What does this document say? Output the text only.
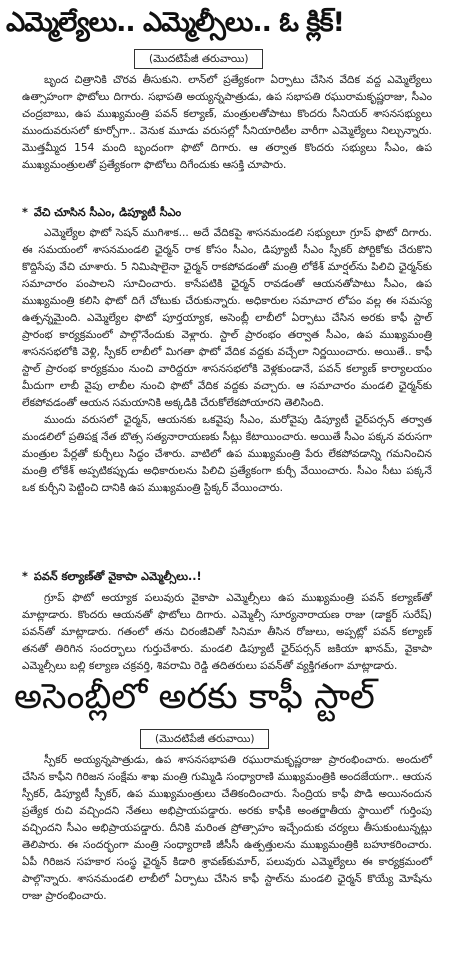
ఎమ్మెల్యేలు.. ఎమ్మెల్సీలు.. ఓ క్లిక్!
(మొదటిపేజీ తరువాయి)

బృంద చిత్రానికి చొరవ తీసుకుని. లాన్‌లో ప్రత్యేకంగా ఏర్పాటు చేసిన వేదిక వద్ద ఎమ్మెల్యేలు ఉత్సాహంగా ఫొటోలు దిగారు. సభాపతి అయ్యన్నపాత్రుడు, ఉప సభాపతి రఘురామకృష్ణరాజు, సీఎం చంద్రబాబు, ఉప ముఖ్యమంత్రి పవన్ కల్యాణ్, మంత్రులతోపాటు కొందరు సీనియర్ శాసనసభ్యులు ముందువరుసలో కూర్చోగా.. వెనుక మూడు వరుసల్లో సీనియారిటీల వారీగా ఎమ్మెల్యేలు నిల్చున్నారు. మొత్తమ్మీద 154 మంది బృందంగా ఫొటో దిగారు. ఆ తర్వాత కొందరు సభ్యులు సీఎం, ఉప ముఖ్యమంత్రులతో ప్రత్యేకంగా ఫొటోలు దిగేందుకు ఆసక్తి చూపారు.

* వేచి చూసిన సీఎం, డిప్యూటీ సీఎం

ఎమ్మెల్యేల ఫొటో సెషన్ ముగిశాక... అదే వేదికపై శాసనమండలి సభ్యులూ గ్రూప్ ఫొటో దిగారు. ఈ సమయంలో శాసనమండలి ఛైర్మన్ రాక కోసం సీఎం, డిప్యూటీ సీఎం స్పీకర్ పోర్టికోకు చేరుకొని కొద్దిసేపు వేచి చూశారు. 5 నిమిషాలైనా ఛైర్మన్ రాకపోవడంతో మంత్రి లోకేశ్ మార్షల్‌ను పిలిచి ఛైర్మన్‌కు సమాచారం పంపాలని సూచించారు. కాసేపటికి ఛైర్మన్ రావడంతో ఆయనతోపాటు సీఎం, ఉప ముఖ్యమంత్రి కలిసి ఫొటో దిగే చోటుకు చేరుకున్నారు. అధికారుల సమాచార లోపం వల్ల ఈ సమస్య ఉత్పన్నమైంది. ఎమ్మెల్యేల ఫొటో పూర్తయ్యాక, అసెంబ్లీ లాబీలో ఏర్పాటు చేసిన అరకు కాఫీ స్టాల్ ప్రారంభ కార్యక్రమంలో పాల్గొనేందుకు వెళ్లారు. స్టాల్ ప్రారంభం తర్వాత సీఎం, ఉప ముఖ్యమంత్రి శాసనసభలోకి వెళ్లి, స్పీకర్ లాబీలో మిగతా ఫొటో వేదిక వద్దకు వచ్చేలా నిర్ణయించారు. అయితే.. కాఫీ స్టాల్ ప్రారంభ కార్యక్రమం నుంచి వారిద్దరూ శాసనసభలోకి వెళ్లకుండానే, పవన్ కల్యాణ్ కార్యాలయం మీదుగా లాబీ వైపు లాబీల నుంచి ఫొటో వేదిక వద్దకు వచ్చారు. ఆ సమాచారం మండలి ఛైర్మన్‌కు లేకపోవడంతో ఆయన సమయానికి అక్కడికి చేరుకోలేకపోయారని తెలిసింది.

ముందు వరుసలో ఛైర్మన్, ఆయనకు ఒకవైపు సీఎం, మరోవైపు డిప్యూటీ ఛైర్‌పర్సన్ తర్వాత మండలిలో ప్రతిపక్ష నేత బొత్స సత్యనారాయణకు సీట్లు కేటాయించారు. అయితే సీఎం పక్కన వరుసగా మంత్రుల పేర్లతో కుర్చీలు సిద్ధం చేశారు. వాటిలో ఉప ముఖ్యమంత్రి పేరు లేకపోవడాన్ని గమనించిన మంత్రి లోకేశ్ అప్పటికప్పుడు అధికారులను పిలిచి ప్రత్యేకంగా కుర్చీ వేయించారు. సీఎం సీటు పక్కనే ఒక కుర్చీని పెట్టించి దానికి ఉప ముఖ్యమంత్రి స్టిక్కర్ వేయించారు.

* పవన్ కల్యాణ్‌తో వైకాపా ఎమ్మెల్సీలు..!

గ్రూప్ ఫొటో అయ్యాక పలువురు వైకాపా ఎమ్మెల్సీలు ఉప ముఖ్యమంత్రి పవన్ కల్యాణ్‌తో మాట్లాడారు. కొందరు ఆయనతో ఫొటోలు దిగారు. ఎమ్మెల్సీ సూర్యనారాయణ రాజు (డాక్టర్ సురేష్) పవన్‌తో మాట్లాడారు. గతంలో తను చిరంజీవితో సినిమా తీసిన రోజులు, అప్పట్లో పవన్ కల్యాణ్ తనతో తిరిగిన సందర్భాలు గుర్తుచేశారు. మండలి డిప్యూటీ ఛైర్‌పర్సన్ జకియా ఖానమ్, వైకాపా ఎమ్మెల్సీలు బల్లి కల్యాణ చక్రవర్తి, శివరామి రెడ్డి తదితరులు పవన్‌తో వ్యక్తిగతంగా మాట్లాడారు.

అసెంబ్లీలో అరకు కాఫీ స్టాల్
(మొదటిపేజీ తరువాయి)

స్పీకర్ అయ్యన్నపాత్రుడు, ఉప శాసనసభాపతి రఘురామకృష్ణరాజు ప్రారంభించారు. అందులో చేసిన కాఫీని గిరిజన సంక్షేమ శాఖ మంత్రి గుమ్మిడి సంధ్యారాణి ముఖ్యమంత్రికి అందజేయగా.. ఆయన స్పీకర్, డిప్యూటీ స్పీకర్, ఉప ముఖ్యమంత్రులు చేతికందించారు. సేంద్రియ కాఫీ పొడి అయినందున ప్రత్యేక రుచి వచ్చిందని నేతలు అభిప్రాయపడ్డారు. అరకు కాఫీకి అంతర్జాతీయ స్థాయిలో గుర్తింపు వచ్చిందని సీఎం అభిప్రాయపడ్డారు. దీనికి మరింత ప్రోత్సాహం ఇచ్చేందుకు చర్యలు తీసుకుంటున్నట్లు తెలిపారు. ఈ సందర్భంగా మంత్రి సంధ్యారాణి జీసీసీ ఉత్పత్తులను ముఖ్యమంత్రికి బహూకరించారు. ఏపీ గిరిజన సహకార సంస్థ ఛైర్మన్ కిడారి శ్రావణ్‌కుమార్, పలువురు ఎమ్మెల్యేలు ఈ కార్యక్రమంలో పాల్గొన్నారు. శాసనమండలి లాబీలో ఏర్పాటు చేసిన కాఫీ స్టాల్‌ను మండలి ఛైర్మన్ కొయ్యే మోషేను రాజు ప్రారంభించారు.
